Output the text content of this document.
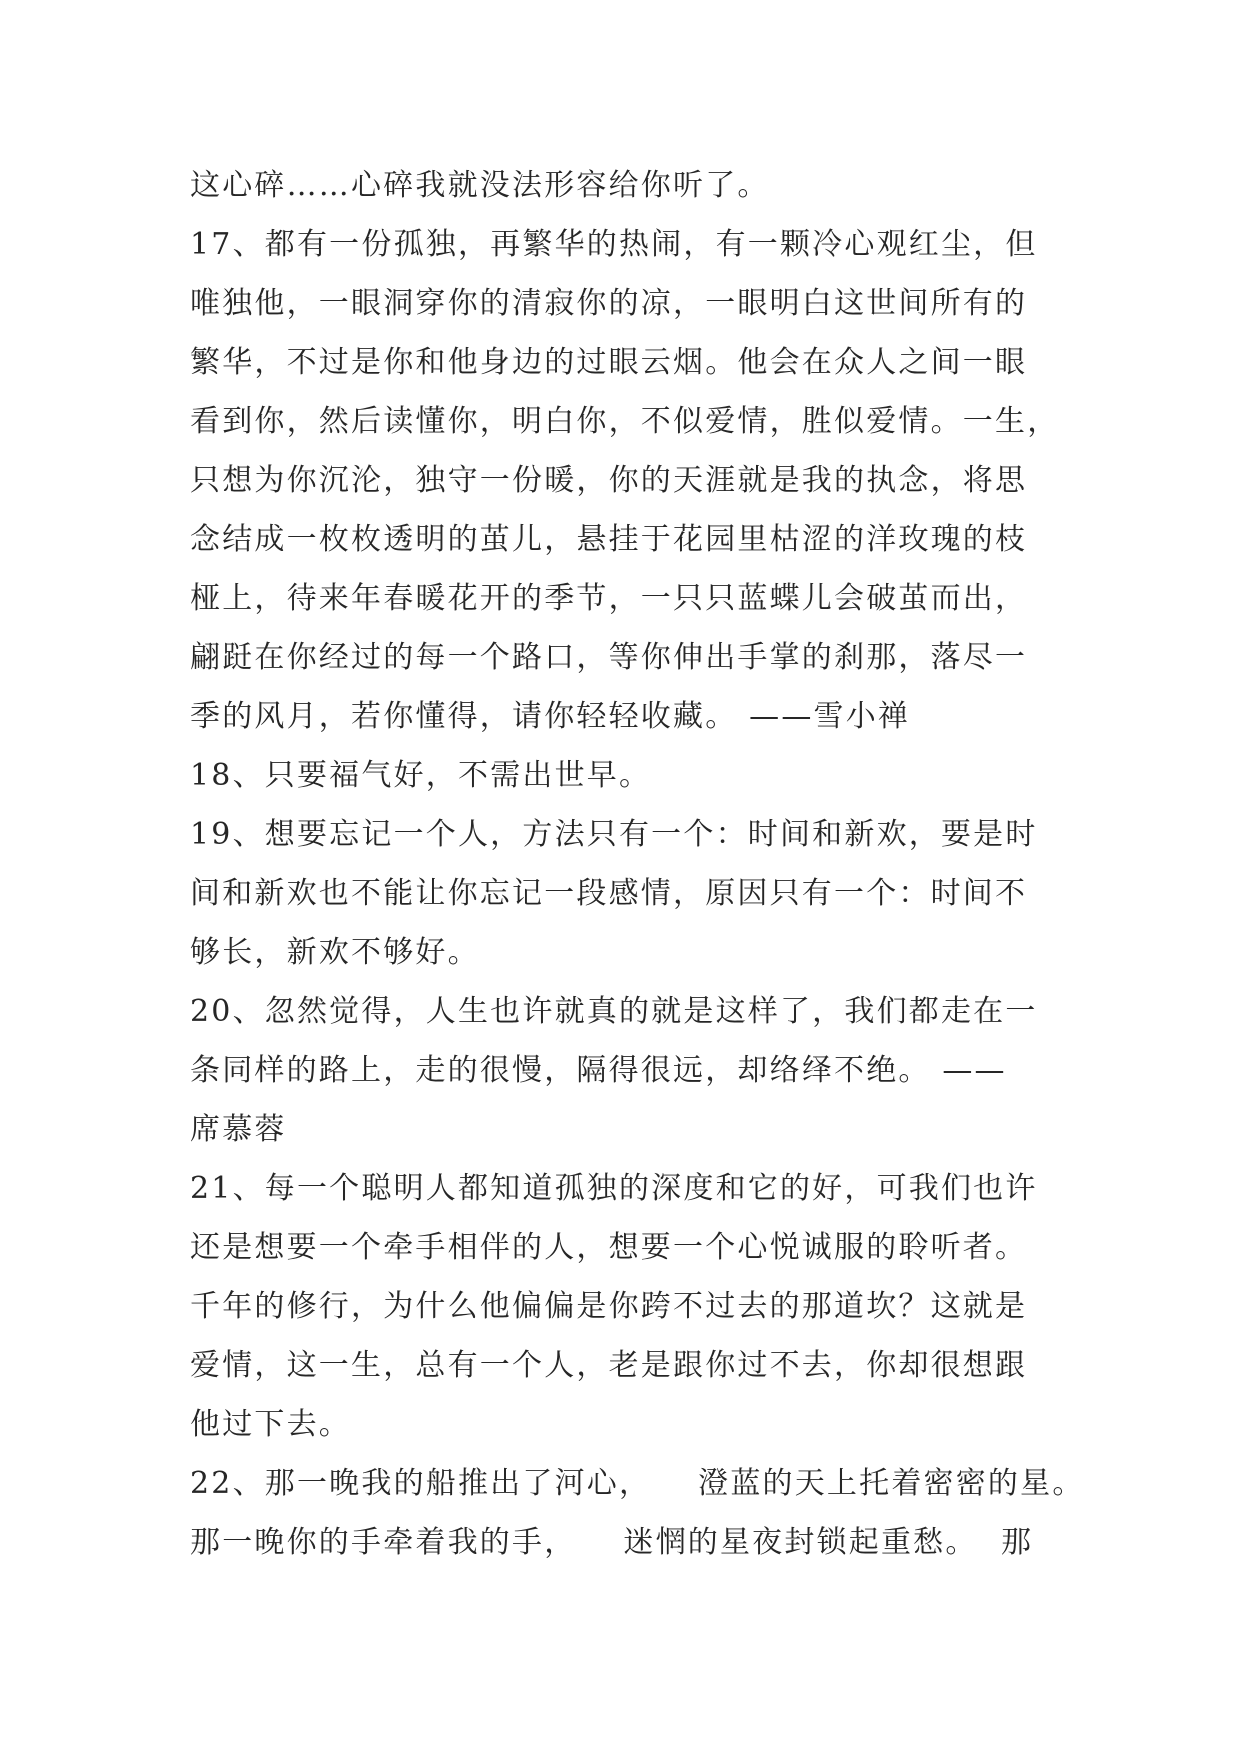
这心碎……心碎我就没法形容给你听了。
17、都有一份孤独，再繁华的热闹，有一颗冷心观红尘，但
唯独他，一眼洞穿你的清寂你的凉，一眼明白这世间所有的
繁华，不过是你和他身边的过眼云烟。他会在众人之间一眼
看到你，然后读懂你，明白你，不似爱情，胜似爱情。一生，
只想为你沉沦，独守一份暖，你的天涯就是我的执念，将思
念结成一枚枚透明的茧儿，悬挂于花园里枯涩的洋玫瑰的枝
桠上，待来年春暖花开的季节，一只只蓝蝶儿会破茧而出，
翩跹在你经过的每一个路口，等你伸出手掌的刹那，落尽一
季的风月，若你懂得，请你轻轻收藏。 ——雪小禅
18、只要福气好，不需出世早。
19、想要忘记一个人，方法只有一个：时间和新欢，要是时
间和新欢也不能让你忘记一段感情，原因只有一个：时间不
够长，新欢不够好。
20、忽然觉得，人生也许就真的就是这样了，我们都走在一
条同样的路上，走的很慢，隔得很远，却络绎不绝。 ——
席慕蓉
21、每一个聪明人都知道孤独的深度和它的好，可我们也许
还是想要一个牵手相伴的人，想要一个心悦诚服的聆听者。
千年的修行，为什么他偏偏是你跨不过去的那道坎？这就是
爱情，这一生，总有一个人，老是跟你过不去，你却很想跟
他过下去。
22、那一晚我的船推出了河心，    澄蓝的天上托着密密的星。
那一晚你的手牵着我的手，    迷惘的星夜封锁起重愁。  那
